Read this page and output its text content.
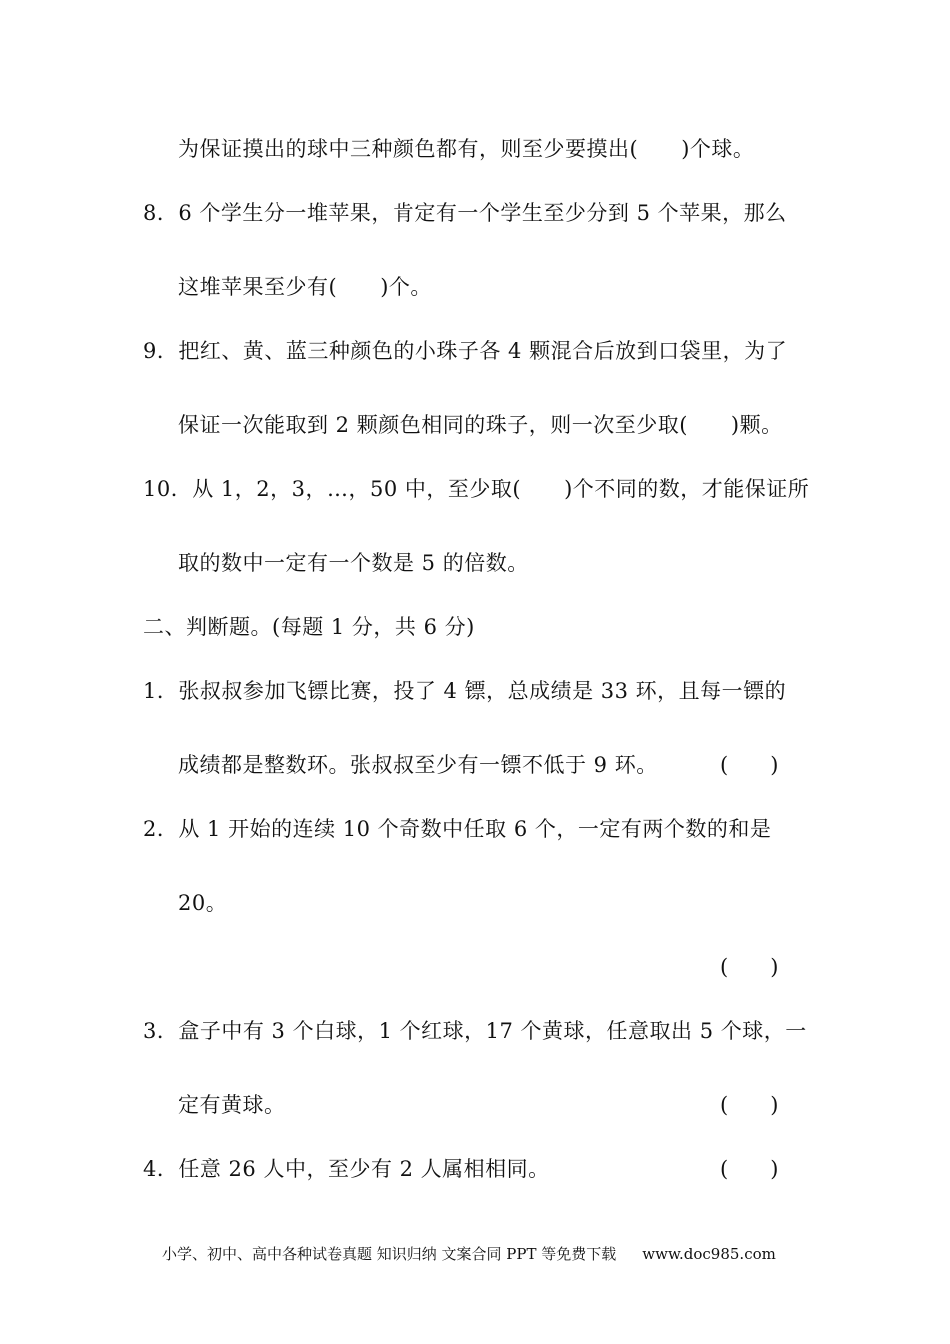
为保证摸出的球中三种颜色都有，则至少要摸出(　　)个球。
8．6 个学生分一堆苹果，肯定有一个学生至少分到 5 个苹果，那么
这堆苹果至少有(　　)个。
9．把红、黄、蓝三种颜色的小珠子各 4 颗混合后放到口袋里，为了
保证一次能取到 2 颗颜色相同的珠子，则一次至少取(　　)颗。
10．从 1，2，3，…，50 中，至少取(　　)个不同的数，才能保证所
取的数中一定有一个数是 5 的倍数。
二、判断题。(每题 1 分，共 6 分)
1．张叔叔参加飞镖比赛，投了 4 镖，总成绩是 33 环，且每一镖的
成绩都是整数环。张叔叔至少有一镖不低于 9 环。	(　　)
2．从 1 开始的连续 10 个奇数中任取 6 个，一定有两个数的和是
20。
(　　)
3．盒子中有 3 个白球，1 个红球，17 个黄球，任意取出 5 个球，一
定有黄球。	(　　)
4．任意 26 人中，至少有 2 人属相相同。	(　　)
小学、初中、高中各种试卷真题 知识归纳 文案合同 PPT 等免费下载 www.doc985.com
